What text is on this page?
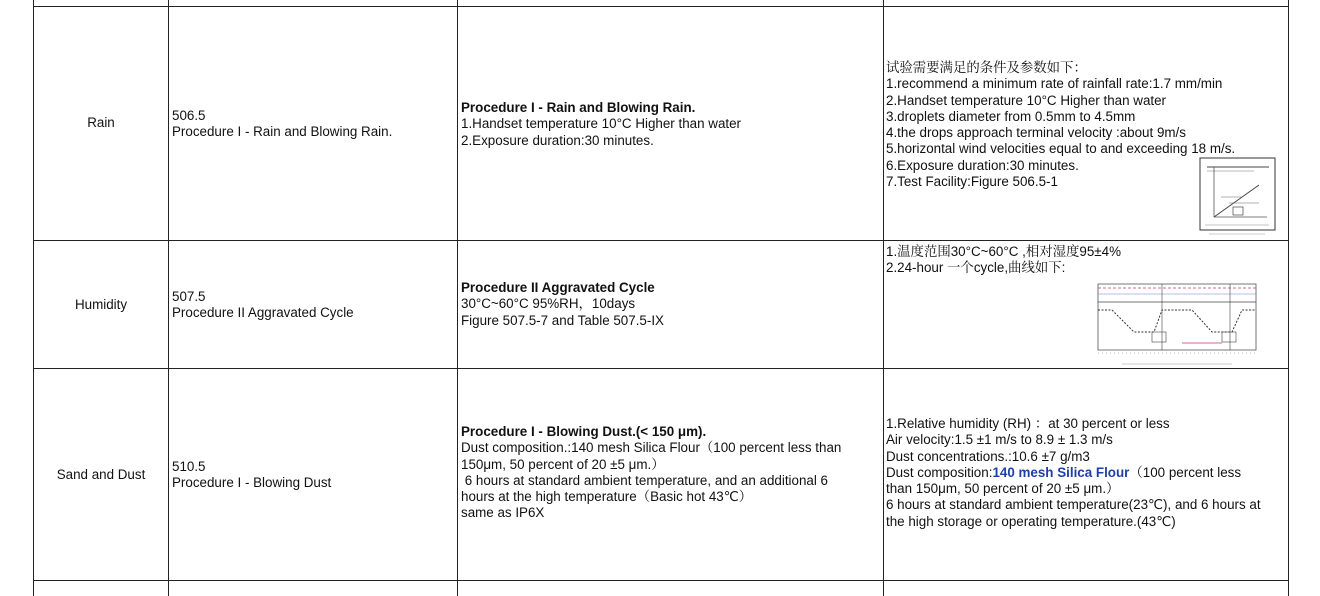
Rain	506.5
Procedure I - Rain and Blowing Rain.
Procedure I - Rain and Blowing Rain.
1.Handset temperature 10°C Higher than water
2.Exposure duration:30 minutes.
试验需要满足的条件及参数如下：
1.recommend a minimum rate of rainfall rate:1.7 mm/min
2.Handset temperature 10°C Higher than water
3.droplets diameter from 0.5mm to 4.5mm
4.the drops approach terminal velocity :about 9m/s
5.horizontal wind velocities equal to and exceeding 18 m/s.
6.Exposure duration:30 minutes.
7.Test Facility:Figure 506.5-1
Humidity
507.5
Procedure II Aggravated Cycle
Procedure II Aggravated Cycle
30°C~60°C 95%RH，10days
Figure 507.5-7 and Table 507.5-IX
1.温度范围30°C~60°C ,相对湿度95±4%
2.24-hour 一个cycle,曲线如下:
Sand and Dust
510.5
Procedure I - Blowing Dust
Procedure I - Blowing Dust.(< 150 μm).
Dust composition.:140 mesh Silica Flour（100 percent less than
150μm, 50 percent of 20 ±5 μm.）
6 hours at standard ambient temperature, and an additional 6
hours at the high temperature（Basic hot 43℃）
same as IP6X
1.Relative humidity (RH) ：at 30 percent or less
Air velocity:1.5 ±1 m/s to 8.9 ± 1.3 m/s
Dust concentrations.:10.6 ±7 g/m3
Dust composition:140 mesh Silica Flour（100 percent less
than 150μm, 50 percent of 20 ±5 μm.）
6 hours at standard ambient temperature(23℃), and 6 hours at
the high storage or operating temperature.(43℃)
